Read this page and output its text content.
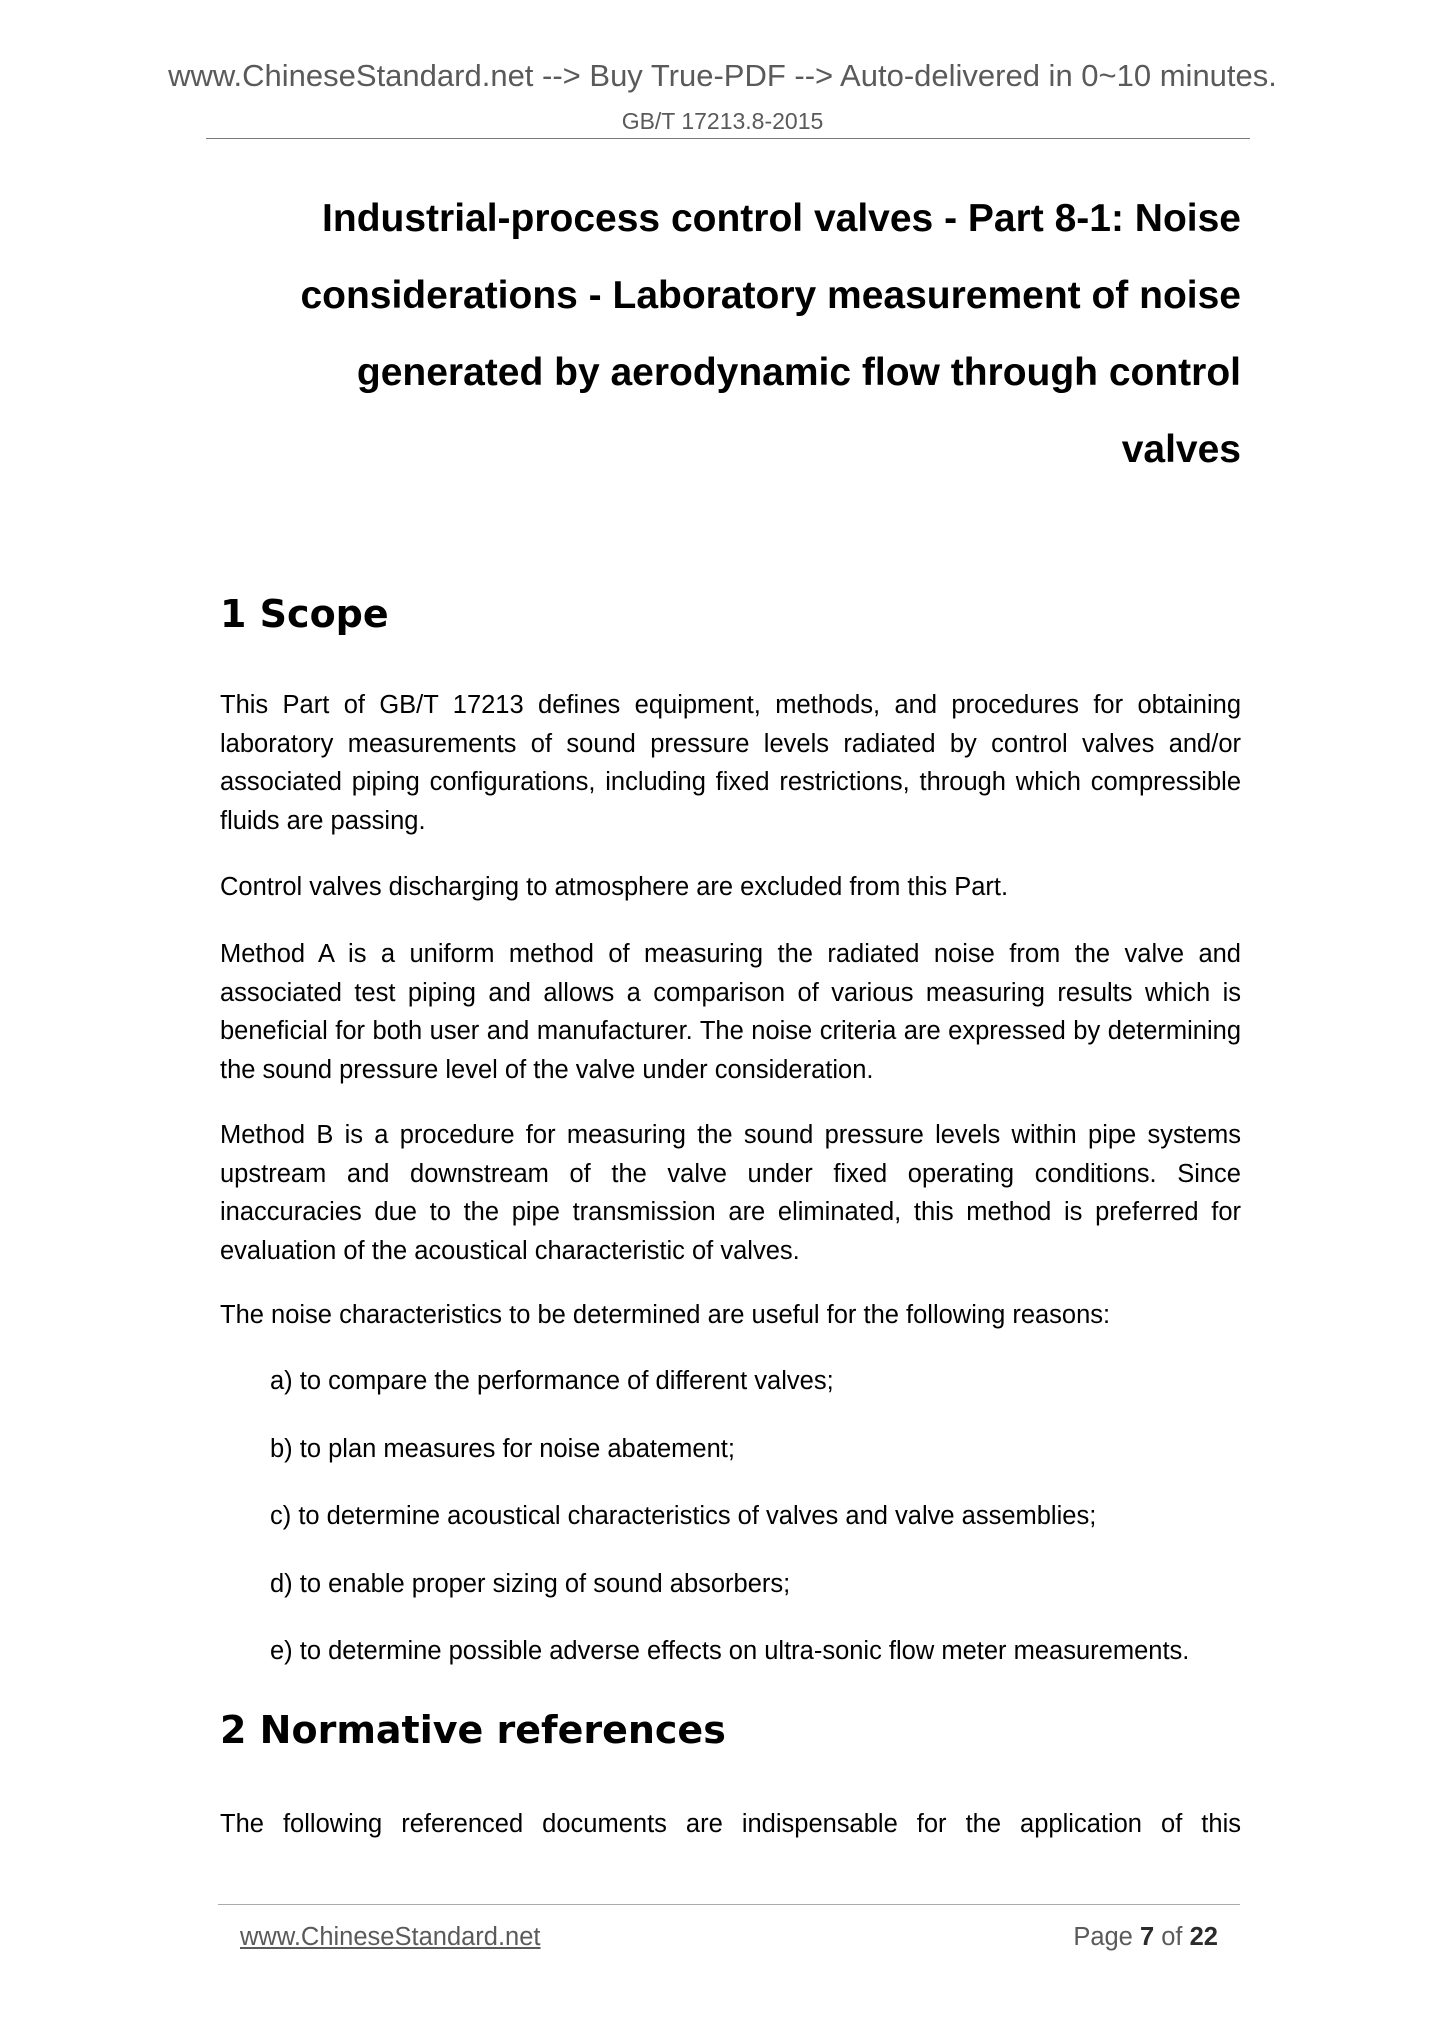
www.ChineseStandard.net --> Buy True-PDF --> Auto-delivered in 0~10 minutes.
GB/T 17213.8-2015
Industrial-process control valves - Part 8-1: Noise
considerations - Laboratory measurement of noise
generated by aerodynamic flow through control
valves
1 Scope

This Part of GB/T 17213 defines equipment, methods, and procedures for obtaining laboratory measurements of sound pressure levels radiated by control valves and/or associated piping configurations, including fixed restrictions, through which compressible fluids are passing.

Control valves discharging to atmosphere are excluded from this Part.

Method A is a uniform method of measuring the radiated noise from the valve and associated test piping and allows a comparison of various measuring results which is beneficial for both user and manufacturer. The noise criteria are expressed by determining the sound pressure level of the valve under consideration.

Method B is a procedure for measuring the sound pressure levels within pipe systems upstream and downstream of the valve under fixed operating conditions. Since inaccuracies due to the pipe transmission are eliminated, this method is preferred for evaluation of the acoustical characteristic of valves.

The noise characteristics to be determined are useful for the following reasons:

a) to compare the performance of different valves;
b) to plan measures for noise abatement;
c) to determine acoustical characteristics of valves and valve assemblies;
d) to enable proper sizing of sound absorbers;
e) to determine possible adverse effects on ultra-sonic flow meter measurements.
2 Normative references

The following referenced documents are indispensable for the application of this

www.ChineseStandard.net	Page 7 of 22
